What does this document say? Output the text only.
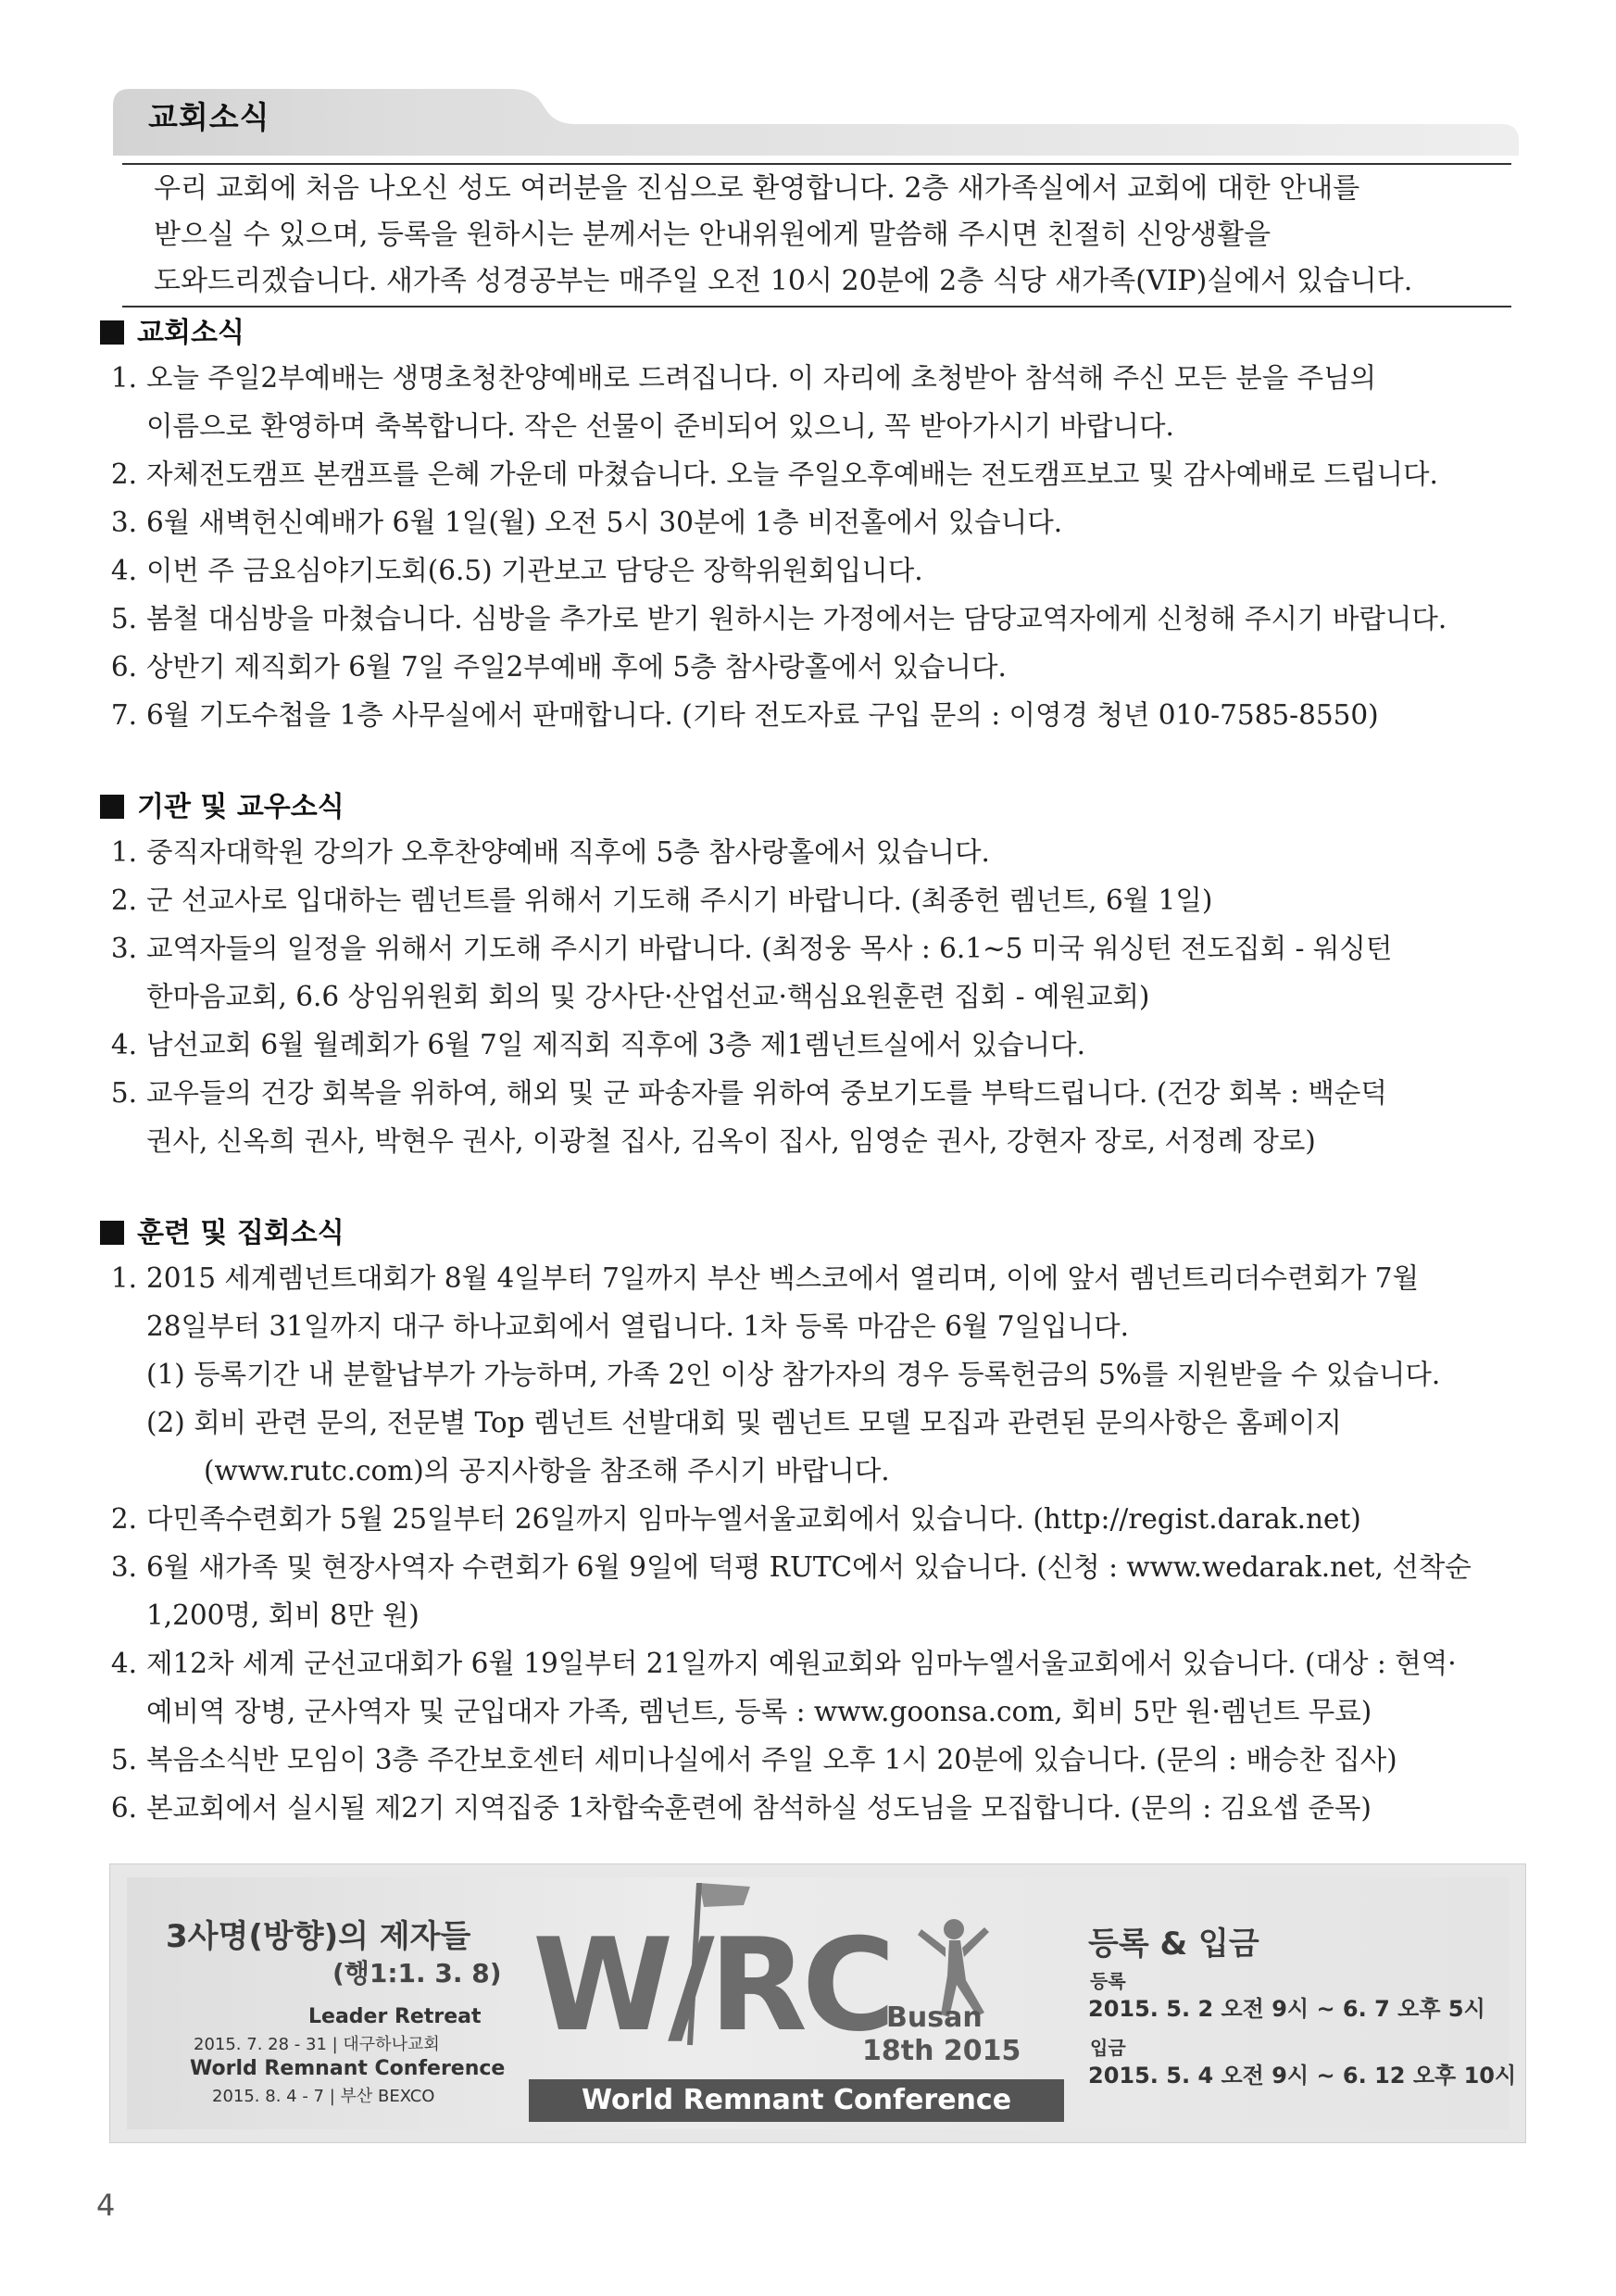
교회소식

우리 교회에 처음 나오신 성도 여러분을 진심으로 환영합니다. 2층 새가족실에서 교회에 대한 안내를

받으실 수 있으며, 등록을 원하시는 분께서는 안내위원에게 말씀해 주시면 친절히 신앙생활을

도와드리겠습니다. 새가족 성경공부는 매주일 오전 10시 20분에 2층 식당 새가족(VIP)실에서 있습니다.

교회소식
1. 오늘 주일2부예배는 생명초청찬양예배로 드려집니다. 이 자리에 초청받아 참석해 주신 모든 분을 주님의
이름으로 환영하며 축복합니다. 작은 선물이 준비되어 있으니, 꼭 받아가시기 바랍니다.
2. 자체전도캠프 본캠프를 은혜 가운데 마쳤습니다. 오늘 주일오후예배는 전도캠프보고 및 감사예배로 드립니다.
3. 6월 새벽헌신예배가 6월 1일(월) 오전 5시 30분에 1층 비전홀에서 있습니다.
4. 이번 주 금요심야기도회(6.5) 기관보고 담당은 장학위원회입니다.
5. 봄철 대심방을 마쳤습니다. 심방을 추가로 받기 원하시는 가정에서는 담당교역자에게 신청해 주시기 바랍니다.
6. 상반기 제직회가 6월 7일 주일2부예배 후에 5층 참사랑홀에서 있습니다.
7. 6월 기도수첩을 1층 사무실에서 판매합니다. (기타 전도자료 구입 문의 : 이영경 청년 010-7585-8550)
기관 및 교우소식
1. 중직자대학원 강의가 오후찬양예배 직후에 5층 참사랑홀에서 있습니다.
2. 군 선교사로 입대하는 렘넌트를 위해서 기도해 주시기 바랍니다. (최종헌 렘넌트, 6월 1일)
3. 교역자들의 일정을 위해서 기도해 주시기 바랍니다. (최정웅 목사 : 6.1~5 미국 워싱턴 전도집회 - 워싱턴
한마음교회, 6.6 상임위원회 회의 및 강사단·산업선교·핵심요원훈련 집회 - 예원교회)
4. 남선교회 6월 월례회가 6월 7일 제직회 직후에 3층 제1렘넌트실에서 있습니다.
5. 교우들의 건강 회복을 위하여, 해외 및 군 파송자를 위하여 중보기도를 부탁드립니다. (건강 회복 : 백순덕
권사, 신옥희 권사, 박현우 권사, 이광철 집사, 김옥이 집사, 임영순 권사, 강현자 장로, 서정례 장로)
훈련 및 집회소식
1. 2015 세계렘넌트대회가 8월 4일부터 7일까지 부산 벡스코에서 열리며, 이에 앞서 렘넌트리더수련회가 7월
28일부터 31일까지 대구 하나교회에서 열립니다. 1차 등록 마감은 6월 7일입니다.
(1) 등록기간 내 분할납부가 가능하며, 가족 2인 이상 참가자의 경우 등록헌금의 5%를 지원받을 수 있습니다.
(2) 회비 관련 문의, 전문별 Top 렘넌트 선발대회 및 렘넌트 모델 모집과 관련된 문의사항은 홈페이지
(www.rutc.com)의 공지사항을 참조해 주시기 바랍니다.
2. 다민족수련회가 5월 25일부터 26일까지 임마누엘서울교회에서 있습니다. (http://regist.darak.net)
3. 6월 새가족 및 현장사역자 수련회가 6월 9일에 덕평 RUTC에서 있습니다. (신청 : www.wedarak.net, 선착순
1,200명, 회비 8만 원)
4. 제12차 세계 군선교대회가 6월 19일부터 21일까지 예원교회와 임마누엘서울교회에서 있습니다. (대상 : 현역·
예비역 장병, 군사역자 및 군입대자 가족, 렘넌트, 등록 : www.goonsa.com, 회비 5만 원·렘넌트 무료)
5. 복음소식반 모임이 3층 주간보호센터 세미나실에서 주일 오후 1시 20분에 있습니다. (문의 : 배승찬 집사)
6. 본교회에서 실시될 제2기 지역집중 1차합숙훈련에 참석하실 성도님을 모집합니다. (문의 : 김요셉 준목)
3사명(방향)의 제자들
(행1:1. 3. 8)
Leader Retreat
2015. 7. 28 - 31 | 대구하나교회
World Remnant Conference
2015. 8. 4 - 7 | 부산 BEXCO
W/RC
Busan
18th 2015
World Remnant Conference
등록 & 입금
등록
2015. 5. 2 오전 9시 ~ 6. 7 오후 5시
입금
2015. 5. 4 오전 9시 ~ 6. 12 오후 10시
4
